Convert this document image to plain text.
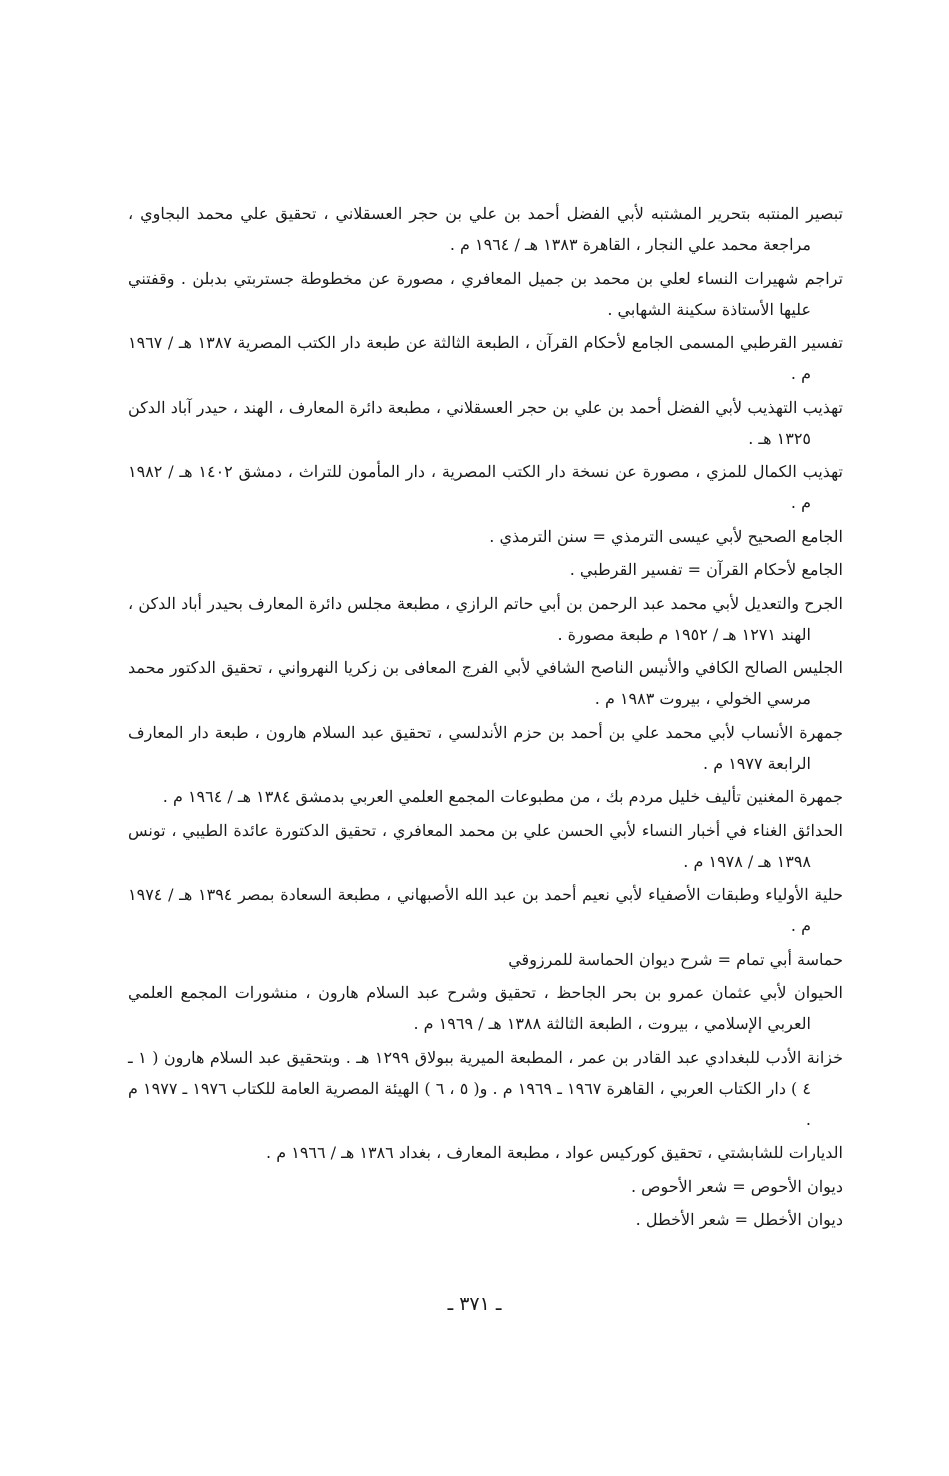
تبصير المنتبه بتحرير المشتبه لأبي الفضل أحمد بن علي بن حجر العسقلاني ، تحقيق علي محمد البجاوي ، مراجعة محمد علي النجار ، القاهرة ١٣٨٣ هـ / ١٩٦٤ م .

تراجم شهيرات النساء لعلي بن محمد بن جميل المعافري ، مصورة عن مخطوطة جستربتي بدبلن . وقفتني عليها الأستاذة سكينة الشهابي .

تفسير القرطبي المسمى الجامع لأحكام القرآن ، الطبعة الثالثة عن طبعة دار الكتب المصرية ١٣٨٧ هـ / ١٩٦٧ م .

تهذيب التهذيب لأبي الفضل أحمد بن علي بن حجر العسقلاني ، مطبعة دائرة المعارف ، الهند ، حيدر آباد الدكن ١٣٢٥ هـ .

تهذيب الكمال للمزي ، مصورة عن نسخة دار الكتب المصرية ، دار المأمون للتراث ، دمشق ١٤٠٢ هـ / ١٩٨٢ م .

الجامع الصحيح لأبي عيسى الترمذي = سنن الترمذي .

الجامع لأحكام القرآن = تفسير القرطبي .

الجرح والتعديل لأبي محمد عبد الرحمن بن أبي حاتم الرازي ، مطبعة مجلس دائرة المعارف بحيدر أباد الدكن ، الهند ١٢٧١ هـ / ١٩٥٢ م طبعة مصورة .

الجليس الصالح الكافي والأنيس الناصح الشافي لأبي الفرج المعافى بن زكريا النهرواني ، تحقيق الدكتور محمد مرسي الخولي ، بيروت ١٩٨٣ م .

جمهرة الأنساب لأبي محمد علي بن أحمد بن حزم الأندلسي ، تحقيق عبد السلام هارون ، طبعة دار المعارف الرابعة ١٩٧٧ م .

جمهرة المغنين تأليف خليل مردم بك ، من مطبوعات المجمع العلمي العربي بدمشق ١٣٨٤ هـ / ١٩٦٤ م .

الحدائق الغناء في أخبار النساء لأبي الحسن علي بن محمد المعافري ، تحقيق الدكتورة عائدة الطيبي ، تونس ١٣٩٨ هـ / ١٩٧٨ م .

حلية الأولياء وطبقات الأصفياء لأبي نعيم أحمد بن عبد الله الأصبهاني ، مطبعة السعادة بمصر ١٣٩٤ هـ / ١٩٧٤ م .

حماسة أبي تمام = شرح ديوان الحماسة للمرزوقي

الحيوان لأبي عثمان عمرو بن بحر الجاحظ ، تحقيق وشرح عبد السلام هارون ، منشورات المجمع العلمي العربي الإسلامي ، بيروت ، الطبعة الثالثة ١٣٨٨ هـ / ١٩٦٩ م .

خزانة الأدب للبغدادي عبد القادر بن عمر ، المطبعة الميرية ببولاق ١٢٩٩ هـ . وبتحقيق عبد السلام هارون ( ١ ـ ٤ ) دار الكتاب العربي ، القاهرة ١٩٦٧ ـ ١٩٦٩ م . و( ٥ ، ٦ ) الهيئة المصرية العامة للكتاب ١٩٧٦ ـ ١٩٧٧ م .

الديارات للشابشتي ، تحقيق كوركيس عواد ، مطبعة المعارف ، بغداد ١٣٨٦ هـ / ١٩٦٦ م .

ديوان الأحوص = شعر الأحوص .

ديوان الأخطل = شعر الأخطل .

ـ ٣٧١ ـ
